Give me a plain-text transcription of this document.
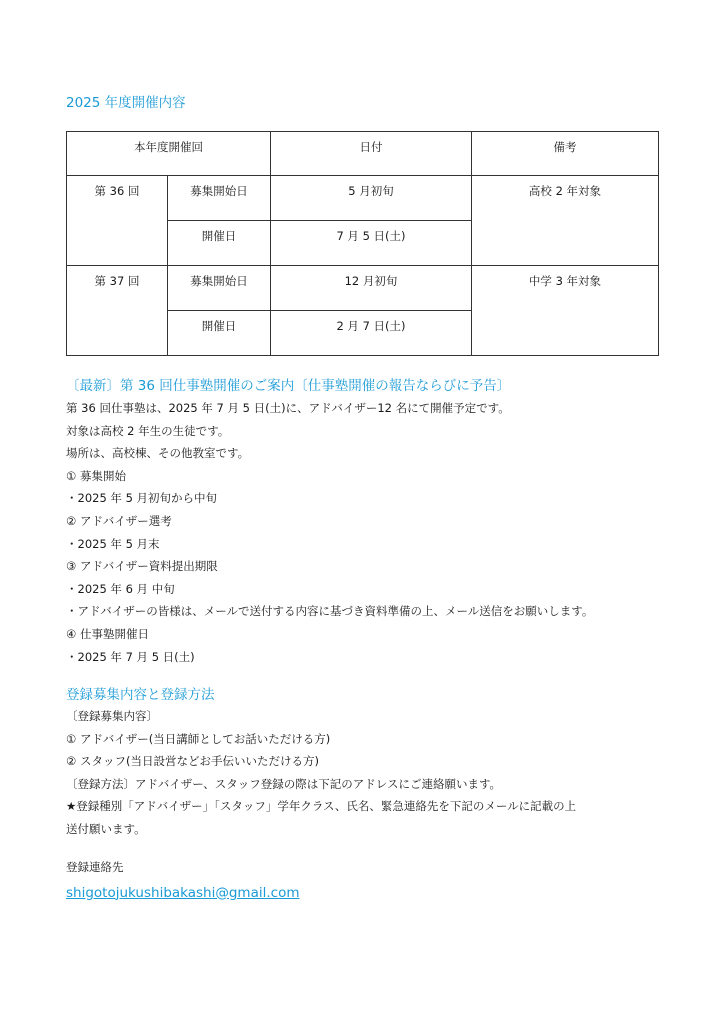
2025 年度開催内容
本年度開催回		日付	備考
第 36 回	募集開始日	5 月初旬	高校 2 年対象
	開催日	7 月 5 日(土)	
第 37 回	募集開始日	12 月初旬	中学 3 年対象
	開催日	2 月 7 日(土)	
〔最新〕第 36 回仕事塾開催のご案内〔仕事塾開催の報告ならびに予告〕
第 36 回仕事塾は、2025 年 7 月 5 日(土)に、アドバイザー12 名にて開催予定です。
対象は高校 2 年生の生徒です。
場所は、高校棟、その他教室です。
① 募集開始
・2025 年 5 月初旬から中旬
② アドバイザー選考
・2025 年 5 月末
③ アドバイザー資料提出期限
・2025 年 6 月 中旬
・アドバイザーの皆様は、メールで送付する内容に基づき資料準備の上、メール送信をお願いします。
④ 仕事塾開催日
・2025 年 7 月 5 日(土)
登録募集内容と登録方法
〔登録募集内容〕
① アドバイザー(当日講師としてお話いただける方)
② スタッフ(当日設営などお手伝いいただける方)
〔登録方法〕アドバイザー、スタッフ登録の際は下記のアドレスにご連絡願います。
★登録種別「アドバイザー」「スタッフ」学年クラス、氏名、緊急連絡先を下記のメールに記載の上
送付願います。
登録連絡先
shigotojukushibakashi@gmail.com
